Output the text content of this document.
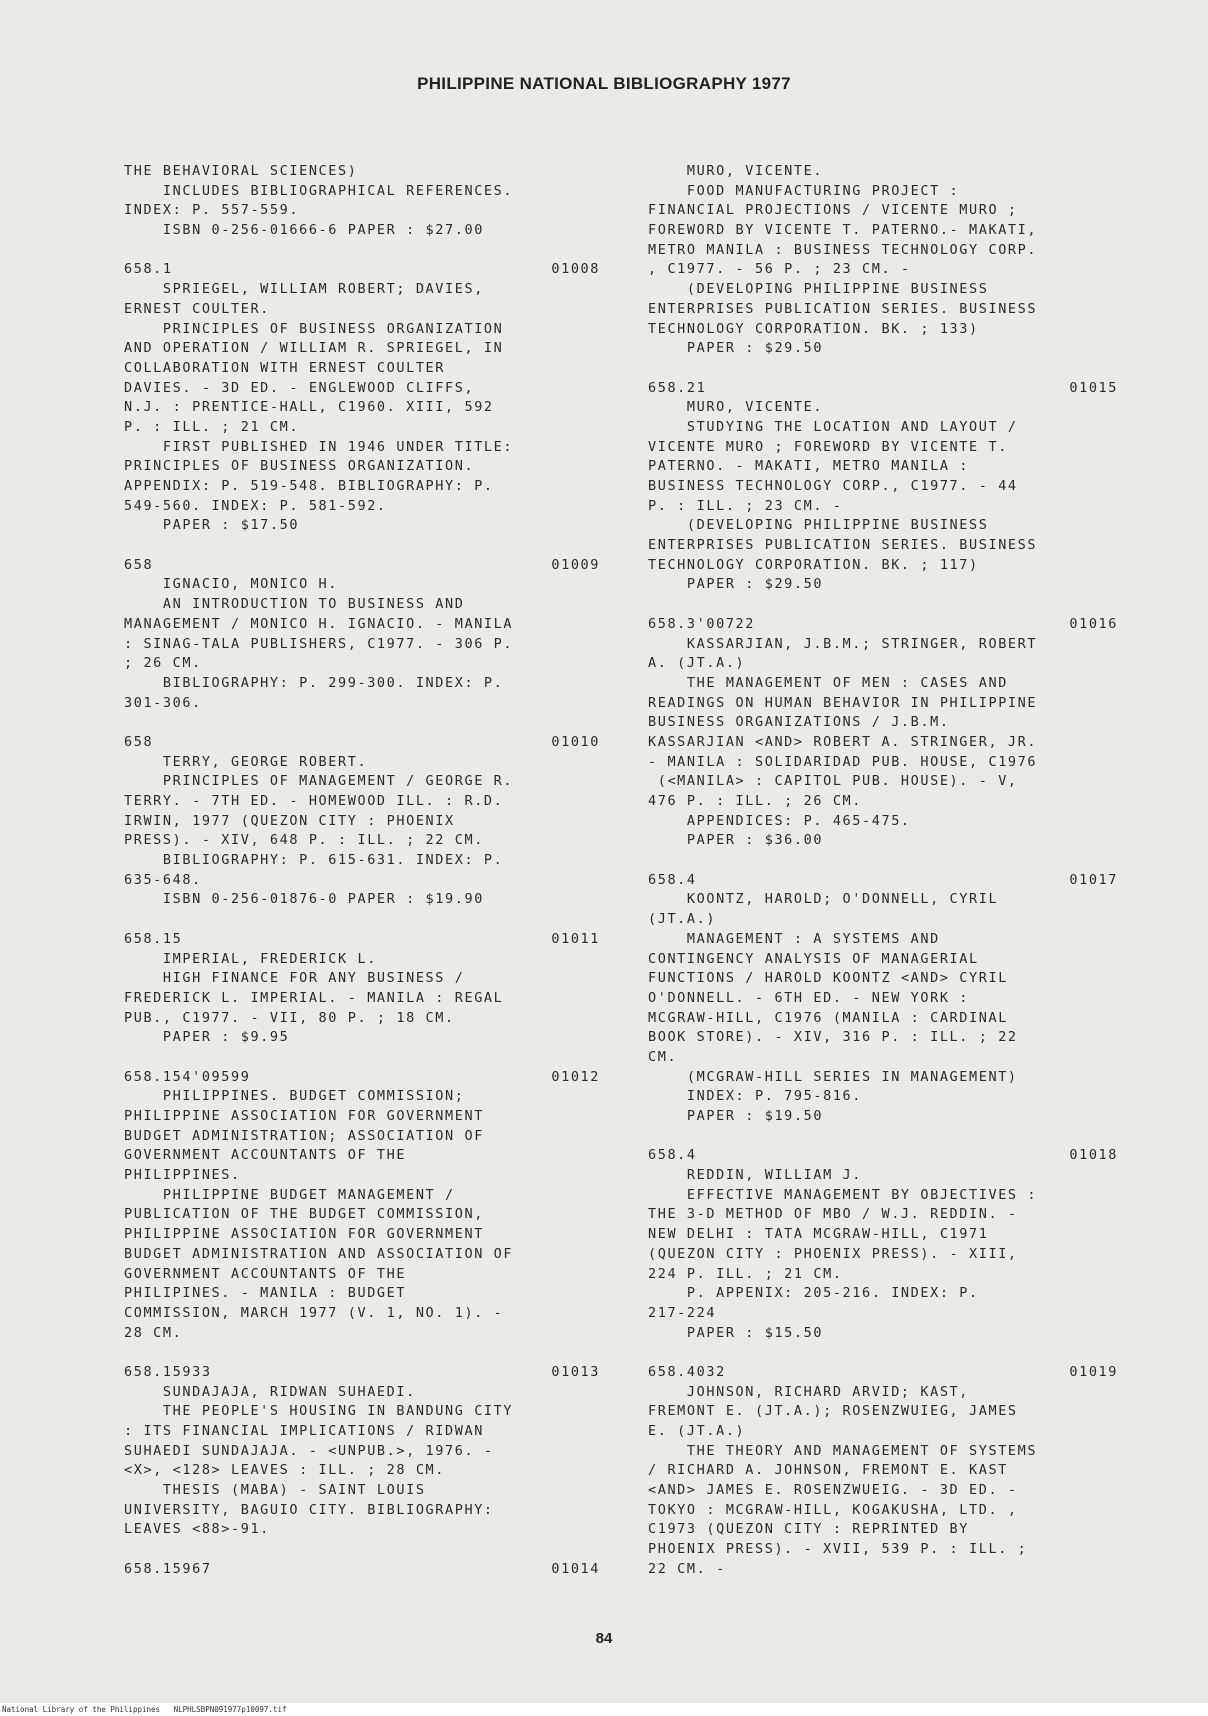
PHILIPPINE NATIONAL BIBLIOGRAPHY 1977
THE BEHAVIORAL SCIENCES)
INCLUDES BIBLIOGRAPHICAL REFERENCES.
INDEX: P. 557-559.
ISBN 0-256-01666-6 PAPER : $27.00
658.1	01008
SPRIEGEL, WILLIAM ROBERT; DAVIES,
ERNEST COULTER.
PRINCIPLES OF BUSINESS ORGANIZATION
AND OPERATION / WILLIAM R. SPRIEGEL, IN
COLLABORATION WITH ERNEST COULTER
DAVIES. - 3D ED. - ENGLEWOOD CLIFFS,
N.J. : PRENTICE-HALL, C1960. XIII, 592
P. : ILL. ; 21 CM.
FIRST PUBLISHED IN 1946 UNDER TITLE:
PRINCIPLES OF BUSINESS ORGANIZATION.
APPENDIX: P. 519-548. BIBLIOGRAPHY: P.
549-560. INDEX: P. 581-592.
PAPER : $17.50
658	01009
IGNACIO, MONICO H.
AN INTRODUCTION TO BUSINESS AND
MANAGEMENT / MONICO H. IGNACIO. - MANILA
: SINAG-TALA PUBLISHERS, C1977. - 306 P.
; 26 CM.
BIBLIOGRAPHY: P. 299-300. INDEX: P.
301-306.
658	01010
TERRY, GEORGE ROBERT.
PRINCIPLES OF MANAGEMENT / GEORGE R.
TERRY. - 7TH ED. - HOMEWOOD ILL. : R.D.
IRWIN, 1977 (QUEZON CITY : PHOENIX
PRESS). - XIV, 648 P. : ILL. ; 22 CM.
BIBLIOGRAPHY: P. 615-631. INDEX: P.
635-648.
ISBN 0-256-01876-0 PAPER : $19.90
658.15	01011
IMPERIAL, FREDERICK L.
HIGH FINANCE FOR ANY BUSINESS /
FREDERICK L. IMPERIAL. - MANILA : REGAL
PUB., C1977. - VII, 80 P. ; 18 CM.
PAPER : $9.95
658.154'09599	01012
PHILIPPINES. BUDGET COMMISSION;
PHILIPPINE ASSOCIATION FOR GOVERNMENT
BUDGET ADMINISTRATION; ASSOCIATION OF
GOVERNMENT ACCOUNTANTS OF THE
PHILIPPINES.
PHILIPPINE BUDGET MANAGEMENT /
PUBLICATION OF THE BUDGET COMMISSION,
PHILIPPINE ASSOCIATION FOR GOVERNMENT
BUDGET ADMINISTRATION AND ASSOCIATION OF
GOVERNMENT ACCOUNTANTS OF THE
PHILIPINES. - MANILA : BUDGET
COMMISSION, MARCH 1977 (V. 1, NO. 1). -
28 CM.
658.15933	01013
SUNDAJAJA, RIDWAN SUHAEDI.
THE PEOPLE'S HOUSING IN BANDUNG CITY
: ITS FINANCIAL IMPLICATIONS / RIDWAN
SUHAEDI SUNDAJAJA. - <UNPUB.>, 1976. -
<X>, <128> LEAVES : ILL. ; 28 CM.
THESIS (MABA) - SAINT LOUIS
UNIVERSITY, BAGUIO CITY. BIBLIOGRAPHY:
LEAVES <88>-91.
658.15967	01014
MURO, VICENTE.
FOOD MANUFACTURING PROJECT :
FINANCIAL PROJECTIONS / VICENTE MURO ;
FOREWORD BY VICENTE T. PATERNO.- MAKATI,
METRO MANILA : BUSINESS TECHNOLOGY CORP.
, C1977. - 56 P. ; 23 CM. -
(DEVELOPING PHILIPPINE BUSINESS
ENTERPRISES PUBLICATION SERIES. BUSINESS
TECHNOLOGY CORPORATION. BK. ; 133)
PAPER : $29.50
658.21	01015
MURO, VICENTE.
STUDYING THE LOCATION AND LAYOUT /
VICENTE MURO ; FOREWORD BY VICENTE T.
PATERNO. - MAKATI, METRO MANILA :
BUSINESS TECHNOLOGY CORP., C1977. - 44
P. : ILL. ; 23 CM. -
(DEVELOPING PHILIPPINE BUSINESS
ENTERPRISES PUBLICATION SERIES. BUSINESS
TECHNOLOGY CORPORATION. BK. ; 117)
PAPER : $29.50
658.3'00722	01016
KASSARJIAN, J.B.M.; STRINGER, ROBERT
A. (JT.A.)
THE MANAGEMENT OF MEN : CASES AND
READINGS ON HUMAN BEHAVIOR IN PHILIPPINE
BUSINESS ORGANIZATIONS / J.B.M.
KASSARJIAN <AND> ROBERT A. STRINGER, JR.
- MANILA : SOLIDARIDAD PUB. HOUSE, C1976
(<MANILA> : CAPITOL PUB. HOUSE). - V,
476 P. : ILL. ; 26 CM.
APPENDICES: P. 465-475.
PAPER : $36.00
658.4	01017
KOONTZ, HAROLD; O'DONNELL, CYRIL
(JT.A.)
MANAGEMENT : A SYSTEMS AND
CONTINGENCY ANALYSIS OF MANAGERIAL
FUNCTIONS / HAROLD KOONTZ <AND> CYRIL
O'DONNELL. - 6TH ED. - NEW YORK :
MCGRAW-HILL, C1976 (MANILA : CARDINAL
BOOK STORE). - XIV, 316 P. : ILL. ; 22
CM.
(MCGRAW-HILL SERIES IN MANAGEMENT)
INDEX: P. 795-816.
PAPER : $19.50
658.4	01018
REDDIN, WILLIAM J.
EFFECTIVE MANAGEMENT BY OBJECTIVES :
THE 3-D METHOD OF MBO / W.J. REDDIN. -
NEW DELHI : TATA MCGRAW-HILL, C1971
(QUEZON CITY : PHOENIX PRESS). - XIII,
224 P. ILL. ; 21 CM.
P. APPENIX: 205-216. INDEX: P.
217-224
PAPER : $15.50
658.4032	01019
JOHNSON, RICHARD ARVID; KAST,
FREMONT E. (JT.A.); ROSENZWUIEG, JAMES
E. (JT.A.)
THE THEORY AND MANAGEMENT OF SYSTEMS
/ RICHARD A. JOHNSON, FREMONT E. KAST
<AND> JAMES E. ROSENZWUEIG. - 3D ED. -
TOKYO : MCGRAW-HILL, KOGAKUSHA, LTD. ,
C1973 (QUEZON CITY : REPRINTED BY
PHOENIX PRESS). - XVII, 539 P. : ILL. ;
22 CM. -
84
National Library of the Philippines NLPHLSBPN091977p10097.tif
